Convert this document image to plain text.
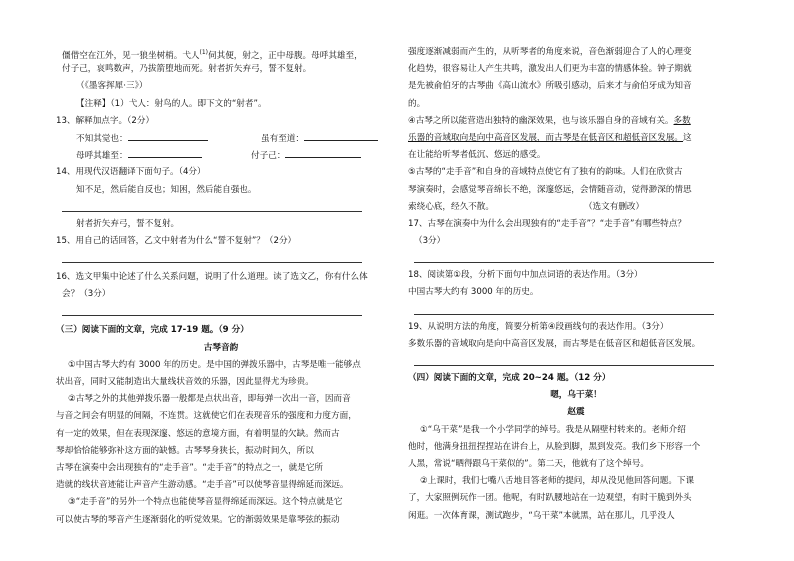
僵借空在江外，见一狼坐树梢。弋人$^{(1)}$伺其便，射之，正中母腹。母呼其雄至，
付子己，哀鸣数声，乃拔箭堕地而死。射者折矢弃弓，誓不复射。
（《墨客挥犀·三》）
【注释】（1）弋人：射鸟的人。即下文的“射者”。
13、解释加点字。（2分）
不知其觉也：	虽有至道：
母呼其雄至：	付子己：
14、用现代汉语翻译下面句子。（4分）
知不足，然后能自反也；知困，然后能自强也。
射者折矢弃弓，誓不复射。
15、用自己的话回答，乙文中射者为什么“誓不复射”？（2分）
16、选文甲集中论述了什么关系问题，说明了什么道理。读了选文乙，你有什么体
会？（3分）
（三）阅读下面的文章，完成 17-19 题。（9 分）
古琴音韵
①中国古琴大约有 3000 年的历史。是中国的弹拨乐器中，古琴是唯一能够点
状出音，同时又能制造出大量线状音效的乐器，因此显得尤为珍贵。
②古琴之外的其他弹拨乐器一般都是点状出音，即每弹一次出一音，因而音
与音之间会有明显的间隔，不连贯。这就使它们在表现音乐的强度和力度方面，
有一定的效果，但在表现深邃、悠远的意境方面，有着明显的欠缺。然而古
琴却恰恰能够弥补这方面的缺憾。古琴琴身狭长，振动时间久，所以
古琴在演奏中会出现独有的“走手音”。“走手音”的特点之一，就是它所
造就的线状音迹能让声音产生游动感。“走手音”可以使琴音显得绵延而深远。
③“走手音”的另外一个特点也能使琴音显得绵延而深远。这个特点就是它
可以使古琴的琴音产生逐渐弱化的听觉效果。它的渐弱效果是靠琴弦的振动
强度逐渐减弱而产生的，从听琴者的角度来说，音色渐弱迎合了人的心理变
化趋势，很容易让人产生共鸣，激发出人们更为丰富的情感体验。钟子期就
是先被俞伯牙的古琴曲《高山流水》所吸引感动，后来才与俞伯牙成为知音
的。
④古琴之所以能营造出独特的幽深效果，也与该乐器自身的音域有关。多数
乐器的音域取向是向中高音区发展，而古琴是在低音区和超低音区发展。这
在让能给听琴者低沉、悠远的感受。
⑤古琴的“走手音”和自身的音域特点使它有了独有的韵味。人们在欣赏古
琴演奏时，会感觉琴音绵长不绝，深邃悠远，会情随音动，觉得渺深的情思
索绕心底，经久不散。	（选文有删改）
17、古琴在演奏中为什么会出现独有的“走手音”？“走手音”有哪些特点？
（3分）
18、阅读第①段，分析下面句中加点词语的表达作用。（3分）
中国古琴大约有 3000 年的历史。
19、从说明方法的角度，简要分析第④段画线句的表达作用。（3分）
多数乐器的音域取向是向中高音区发展，而古琴是在低音区和超低音区发展。
（四）阅读下面的文章，完成 20~24 题。（12 分）
嗯，乌干菜！
赵震
①“乌干菜”是我一个小学同学的绰号。我是从隔壁村转来的。老师介绍
他时，他满身扭扭捏捏站在讲台上，从脸到脚，黑到发亮。我们乡下形容一个
人黑，常说“晒得跟乌干菜似的”。第二天，他就有了这个绰号。
②上课时，我们七嘴八舌地目答老师的提问，却从没见他回答问题。下课
了，大家照例玩作一团。他呢，有时趴腰地站在一边观望，有时干脆到外头
闲逛。一次体育课，测试跑步，“乌干菜”本就黑，站在那儿，几乎没人
